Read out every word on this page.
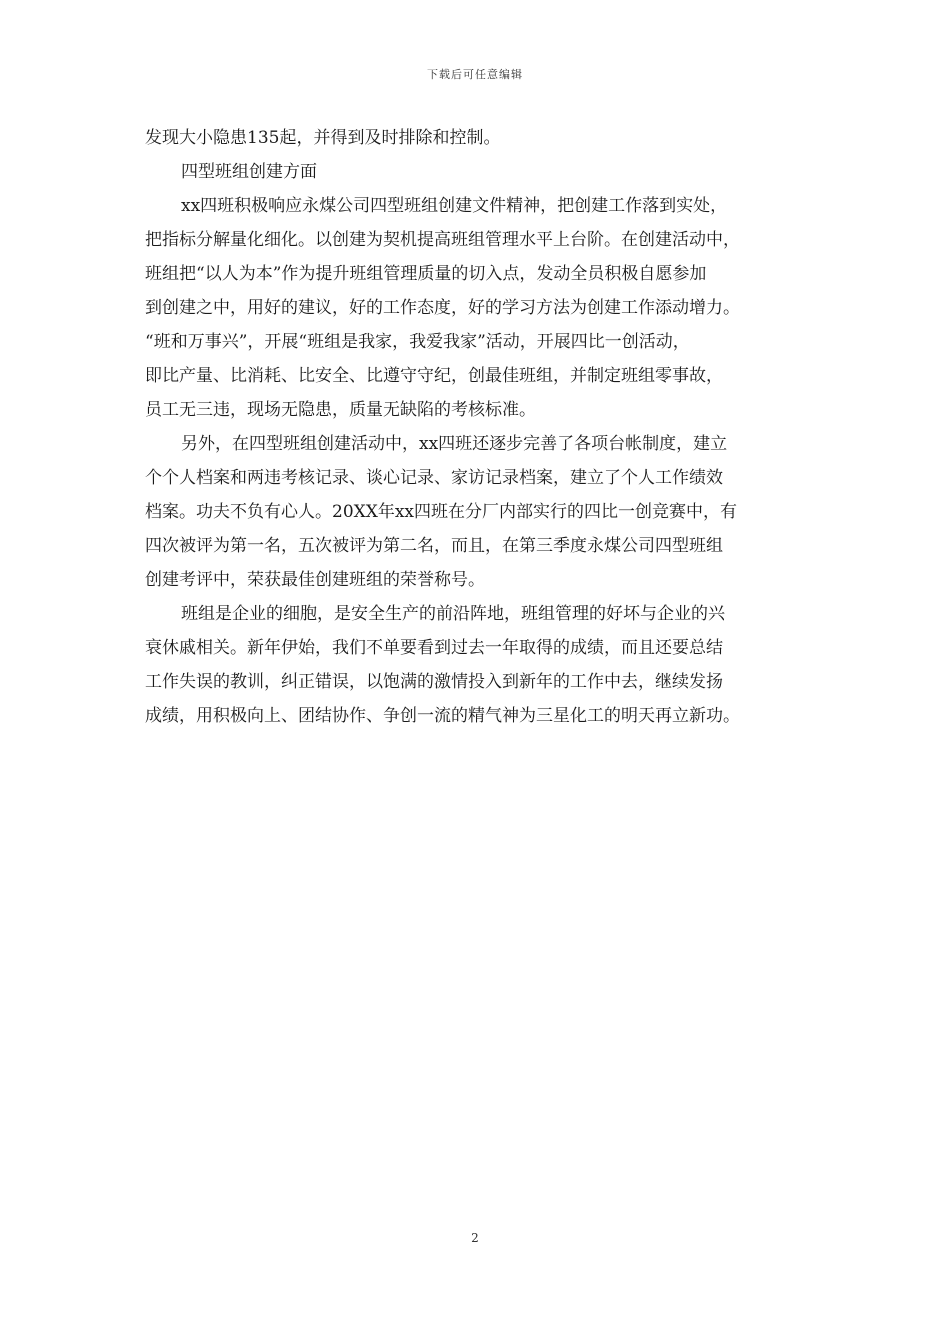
下载后可任意编辑
发现大小隐患135起，并得到及时排除和控制。
四型班组创建方面
xx四班积极响应永煤公司四型班组创建文件精神，把创建工作落到实处，
把指标分解量化细化。以创建为契机提高班组管理水平上台阶。在创建活动中，
班组把“以人为本”作为提升班组管理质量的切入点，发动全员积极自愿参加
到创建之中，用好的建议，好的工作态度，好的学习方法为创建工作添动增力。
“班和万事兴”，开展“班组是我家，我爱我家”活动，开展四比一创活动，
即比产量、比消耗、比安全、比遵守守纪，创最佳班组，并制定班组零事故，
员工无三违，现场无隐患，质量无缺陷的考核标准。
另外，在四型班组创建活动中，xx四班还逐步完善了各项台帐制度，建立
个个人档案和两违考核记录、谈心记录、家访记录档案，建立了个人工作绩效
档案。功夫不负有心人。20XX年xx四班在分厂内部实行的四比一创竞赛中，有
四次被评为第一名，五次被评为第二名，而且，在第三季度永煤公司四型班组
创建考评中，荣获最佳创建班组的荣誉称号。
班组是企业的细胞，是安全生产的前沿阵地，班组管理的好坏与企业的兴
衰休戚相关。新年伊始，我们不单要看到过去一年取得的成绩，而且还要总结
工作失误的教训，纠正错误，以饱满的激情投入到新年的工作中去，继续发扬
成绩，用积极向上、团结协作、争创一流的精气神为三星化工的明天再立新功。
2
